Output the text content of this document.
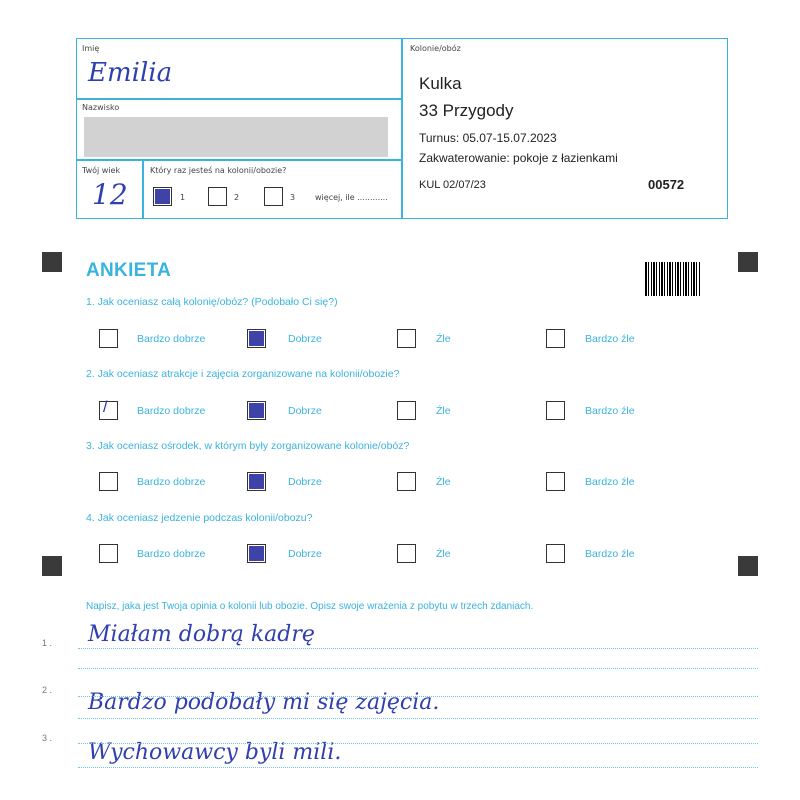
Imię
Emilia
Nazwisko
Twój wiek
12
Który raz jesteś na kolonii/obozie?
1	2	3 więcej, ile ............
Kolonie/obóz
Kulka
33 Przygody
Turnus: 05.07-15.07.2023
Zakwaterowanie: pokoje z łazienkami
KUL 02/07/23	00572
ANKIETA
1. Jak oceniasz całą kolonię/obóz? (Podobało Ci się?)
2. Jak oceniasz atrakcje i zajęcia zorganizowane na kolonii/obozie?
3. Jak oceniasz ośrodek, w którym były zorganizowane kolonie/obóz?
4. Jak oceniasz jedzenie podczas kolonii/obozu?
Bardzo dobrze	Dobrze	Źle	Bardzo źle
/
Bardzo dobrze	Dobrze	Źle	Bardzo źle
Bardzo dobrze	Dobrze	Źle	Bardzo źle
Bardzo dobrze	Dobrze	Źle	Bardzo źle
Napisz, jaka jest Twoja opinia o kolonii lub obozie. Opisz swoje wrażenia z pobytu w trzech zdaniach.
1 . Miałam dobrą kadrę
2 . Bardzo podobały mi się zajęcia.
3 .
Wychowawcy byli mili.
